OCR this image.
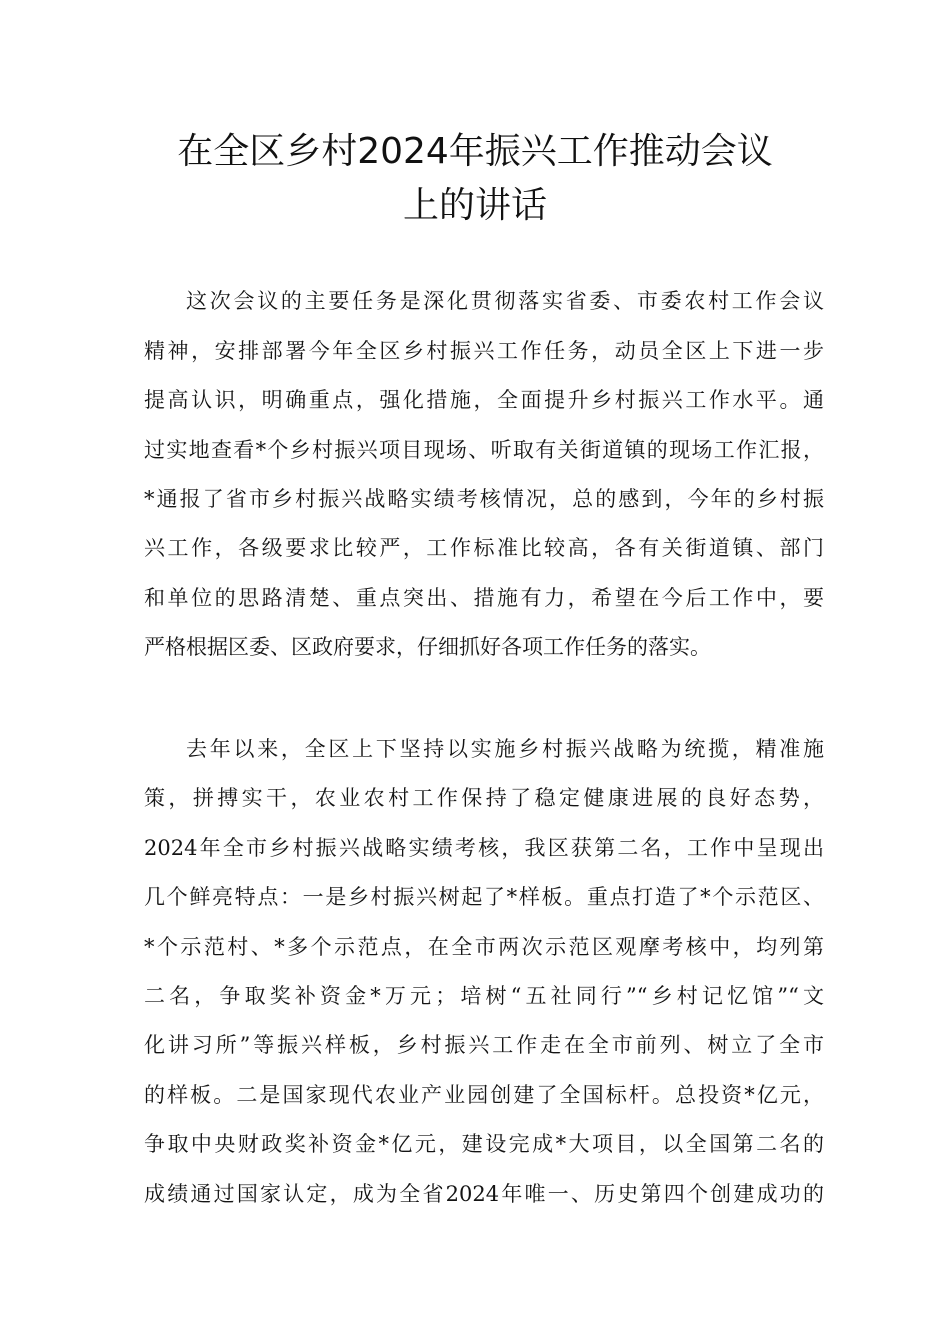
在全区乡村2024年振兴工作推动会议
上的讲话

这次会议的主要任务是深化贯彻落实省委、市委农村工作会议

精神，安排部署今年全区乡村振兴工作任务，动员全区上下进一步

提高认识，明确重点，强化措施，全面提升乡村振兴工作水平。通

过实地查看*个乡村振兴项目现场、听取有关街道镇的现场工作汇报，

*通报了省市乡村振兴战略实绩考核情况，总的感到，今年的乡村振

兴工作，各级要求比较严，工作标准比较高，各有关街道镇、部门

和单位的思路清楚、重点突出、措施有力，希望在今后工作中，要

严格根据区委、区政府要求，仔细抓好各项工作任务的落实。

去年以来，全区上下坚持以实施乡村振兴战略为统揽，精准施

策，拼搏实干，农业农村工作保持了稳定健康进展的良好态势，

2024年全市乡村振兴战略实绩考核，我区获第二名，工作中呈现出

几个鲜亮特点：一是乡村振兴树起了*样板。重点打造了*个示范区、

*个示范村、*多个示范点，在全市两次示范区观摩考核中，均列第

二名，争取奖补资金*万元；培树“五社同行”“乡村记忆馆”“文

化讲习所”等振兴样板，乡村振兴工作走在全市前列、树立了全市

的样板。二是国家现代农业产业园创建了全国标杆。总投资*亿元，

争取中央财政奖补资金*亿元，建设完成*大项目，以全国第二名的

成绩通过国家认定，成为全省2024年唯一、历史第四个创建成功的
